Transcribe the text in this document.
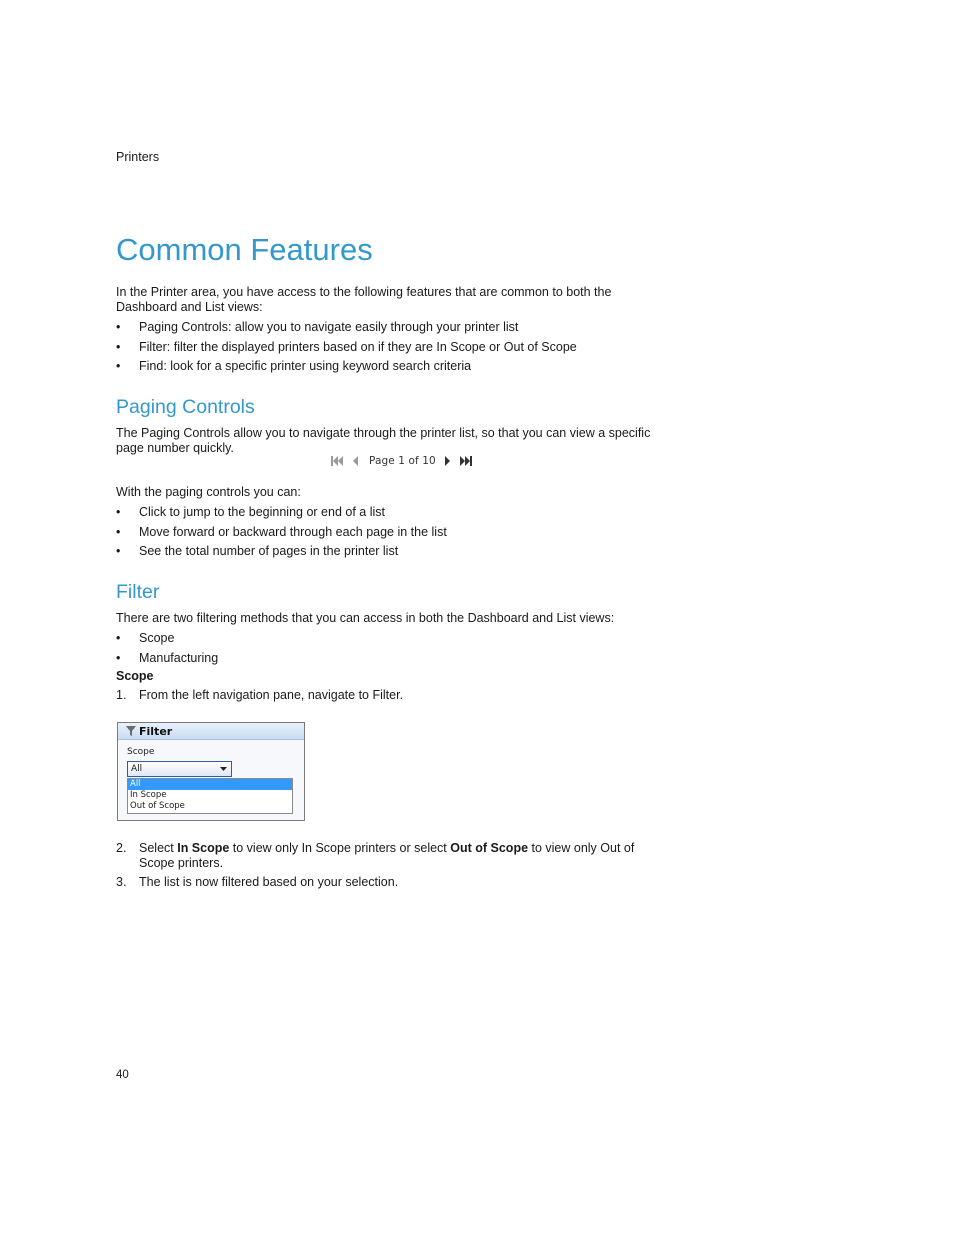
Printers
Common Features

In the Printer area, you have access to the following features that are common to both the Dashboard and List views:

• Paging Controls: allow you to navigate easily through your printer list
• Filter: filter the displayed printers based on if they are In Scope or Out of Scope
• Find: look for a specific printer using keyword search criteria
Paging Controls

The Paging Controls allow you to navigate through the printer list, so that you can view a specific page number quickly.

Page 1 of 10

With the paging controls you can:

• Click to jump to the beginning or end of a list
• Move forward or backward through each page in the list
• See the total number of pages in the printer list
Filter

There are two filtering methods that you can access in both the Dashboard and List views:

• Scope
• Manufacturing
Scope
1. From the left navigation pane, navigate to Filter.
Filter
Scope
All
All
In Scope
Out of Scope
2. Select In Scope to view only In Scope printers or select Out of Scope to view only Out of Scope printers.
3. The list is now filtered based on your selection.
40
